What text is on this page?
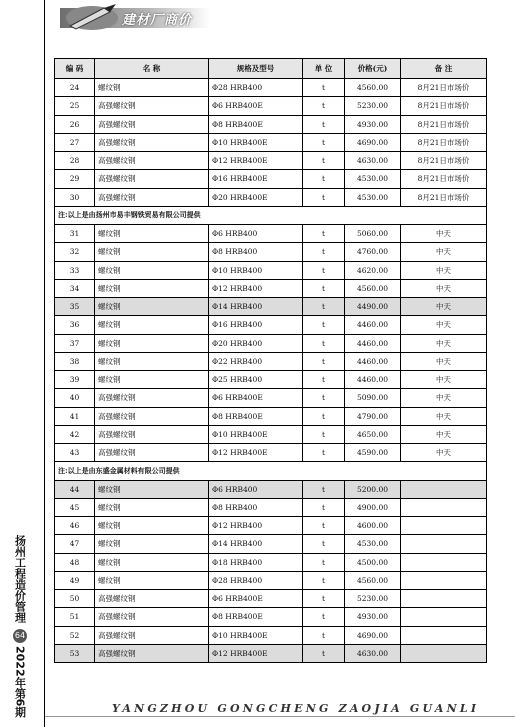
建材厂商价
扬州工程造价管理
64
2022年第6期
编 码	名 称	规格及型号	单 位	价格(元)	备 注
24	螺纹钢	Φ28 HRB400	t	4560.00	8月21日市场价
25	高强螺纹钢	Φ6 HRB400E	t	5230.00	8月21日市场价
26	高强螺纹钢	Φ8 HRB400E	t	4930.00	8月21日市场价
27	高强螺纹钢	Φ10 HRB400E	t	4690.00	8月21日市场价
28	高强螺纹钢	Φ12 HRB400E	t	4630.00	8月21日市场价
29	高强螺纹钢	Φ16 HRB400E	t	4530.00	8月21日市场价
30	高强螺纹钢	Φ20 HRB400E	t	4530.00	8月21日市场价
注:以上是由扬州市易丰钢铁贸易有限公司提供					
31	螺纹钢	Φ6 HRB400	t	5060.00	中天
32	螺纹钢	Φ8 HRB400	t	4760.00	中天
33	螺纹钢	Φ10 HRB400	t	4620.00	中天
34	螺纹钢	Φ12 HRB400	t	4560.00	中天
35	螺纹钢	Φ14 HRB400	t	4490.00	中天
36	螺纹钢	Φ16 HRB400	t	4460.00	中天
37	螺纹钢	Φ20 HRB400	t	4460.00	中天
38	螺纹钢	Φ22 HRB400	t	4460.00	中天
39	螺纹钢	Φ25 HRB400	t	4460.00	中天
40	高强螺纹钢	Φ6 HRB400E	t	5090.00	中天
41	高强螺纹钢	Φ8 HRB400E	t	4790.00	中天
42	高强螺纹钢	Φ10 HRB400E	t	4650.00	中天
43	高强螺纹钢	Φ12 HRB400E	t	4590.00	中天
注:以上是由东盛金属材料有限公司提供					
44	螺纹钢	Φ6 HRB400	t	5200.00	
45	螺纹钢	Φ8 HRB400	t	4900.00	
46	螺纹钢	Φ12 HRB400	t	4600.00	
47	螺纹钢	Φ14 HRB400	t	4530.00	
48	螺纹钢	Φ18 HRB400	t	4500.00	
49	螺纹钢	Φ28 HRB400	t	4560.00	
50	高强螺纹钢	Φ6 HRB400E	t	5230.00	
51	高强螺纹钢	Φ8 HRB400E	t	4930.00	
52	高强螺纹钢	Φ10 HRB400E	t	4690.00	
53	高强螺纹钢	Φ12 HRB400E	t	4630.00	
YANGZHOU GONGCHENG ZAOJIA GUANLI
